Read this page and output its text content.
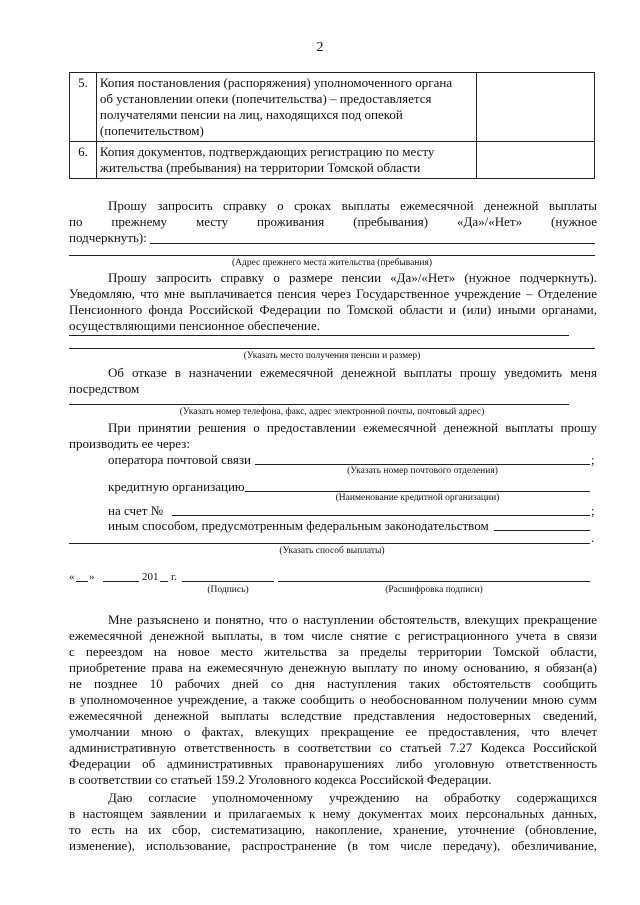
2
5.	Копия постановления (распоряжения) уполномоченного органа
об установлении опеки (попечительства) – предоставляется
получателями пенсии на лиц, находящихся под опекой
(попечительством)	

6.	Копия документов, подтверждающих регистрацию по месту
жительства (пребывания) на территории Томской области	

Прошу запросить справку о сроках выплаты ежемесячной денежной выплаты
по прежнему месту проживания (пребывания) «Да»/«Нет» (нужное
подчеркнуть):
(Адрес прежнего места жительства (пребывания)
Прошу запросить справку о размере пенсии «Да»/«Нет» (нужное подчеркнуть).
Уведомляю, что мне выплачивается пенсия через Государственное учреждение – Отделение
Пенсионного фонда Российской Федерации по Томской области и (или) иными органами,
осуществляющими пенсионное обеспечение.
(Указать место получения пенсии и размер)
Об отказе в назначении ежемесячной денежной выплаты прошу уведомить меня
посредством
(Указать номер телефона, факс, адрес электронной почты, почтовый адрес)
При принятии решения о предоставлении ежемесячной денежной выплаты прошу
производить ее через:
оператора почтовой связи	;
(Указать номер почтового отделения)
кредитную организацию
(Наименование кредитной организации)
на счет №	;
иным способом, предусмотренным федеральным законодательством
.
(Указать способ выплаты)
« »	201 г.
(Подпись)	(Расшифровка подписи)
Мне разъяснено и понятно, что о наступлении обстоятельств, влекущих прекращение
ежемесячной денежной выплаты, в том числе снятие с регистрационного учета в связи
с переездом на новое место жительства за пределы территории Томской области,
приобретение права на ежемесячную денежную выплату по иному основанию, я обязан(а)
не позднее 10 рабочих дней со дня наступления таких обстоятельств сообщить
в уполномоченное учреждение, а также сообщить о необоснованном получении мною сумм
ежемесячной денежной выплаты вследствие представления недостоверных сведений,
умолчании мною о фактах, влекущих прекращение ее предоставления, что влечет
административную ответственность в соответствии со статьей 7.27 Кодекса Российской
Федерации об административных правонарушениях либо уголовную ответственность
в соответствии со статьей 159.2 Уголовного кодекса Российской Федерации.
Даю согласие уполномоченному учреждению на обработку содержащихся
в настоящем заявлении и прилагаемых к нему документах моих персональных данных,
то есть на их сбор, систематизацию, накопление, хранение, уточнение (обновление,
изменение), использование, распространение (в том числе передачу), обезличивание,
